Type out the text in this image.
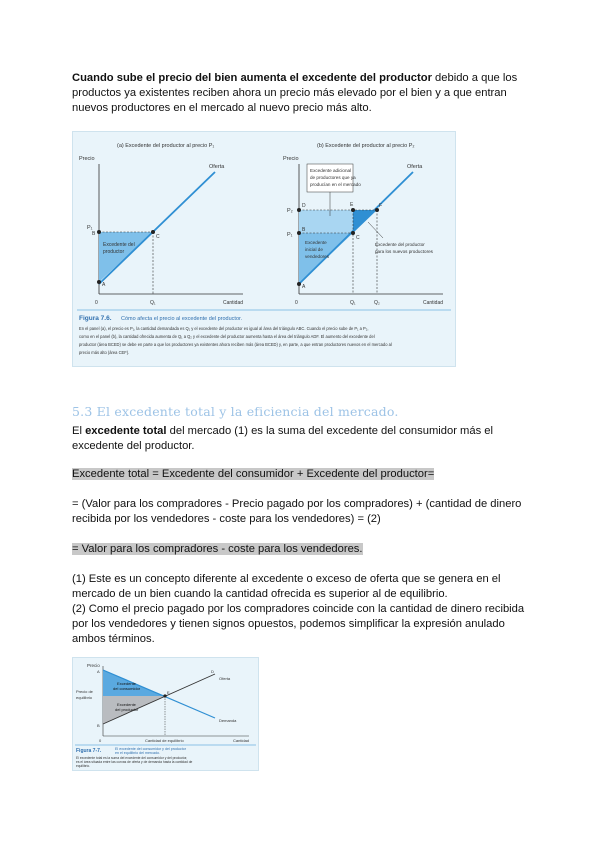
Cuando sube el precio del bien aumenta el excedente del productor debido a que los productos ya existentes reciben ahora un precio más elevado por el bien y a que entran nuevos productores en el mercado al nuevo precio más alto.

(a) Excedente del productor al precio P₁
Precio
Oferta
P₁
B	C
A
Excedente del
productor
0	Q₁	Cantidad
(b) Excedente del productor al precio P₂
Precio
Excedente adicional
de productores que ya
producían en el mercado
Oferta
P₂
P₁
D	E	F
B
C
A
Excedente
inicial de
vendedores
Excedente del productor
para los nuevos productores
0	Q₁	Q₂	Cantidad
Figura 7.6. Cómo afecta el precio al excedente del productor.
En el panel (a), el precio es P₁, la cantidad demandada es Q₁ y el excedente del productor es igual al área del triángulo ABC. Cuando el precio sube de P₁ a P₂,
como en el panel (b), la cantidad ofrecida aumenta de Q₁ a Q₂ y el excedente del productor aumenta hasta el área del triángulo ADF. El aumento del excedente del
productor (área BCED) se debe en parte a que los productores ya existentes ahora reciben más (área BCED) y, en parte, a que entran productores nuevos en el mercado al
precio más alto (área CEF).
5.3 El excedente total y la eficiencia del mercado.

El excedente total del mercado (1) es la suma del excedente del consumidor más el excedente del productor.

Excedente total = Excedente del consumidor + Excedente del productor=

= (Valor para los compradores - Precio pagado por los compradores) + (cantidad de dinero recibida por los vendedores - coste para los vendedores) = (2)

= Valor para los compradores - coste para los vendedores.

(1) Este es un concepto diferente al excedente o exceso de oferta que se genera en el mercado de un bien cuando la cantidad ofrecida es superior al de equilibrio.

(2) Como el precio pagado por los compradores coincide con la cantidad de dinero recibida por los vendedores y tienen signos opuestos, podemos simplificar la expresión anulado ambos términos.

Precio
Precio de
equilibrio
Excedente
del consumidor
Excedente
del productor
Oferta
Demanda
A	D
E
B
0	Cantidad de equilibrio	Cantidad
Figura 7-7.	El excedente del consumidor y del productor
en el equilibrio del mercado.
El excedente total es la suma del excedente del consumidor y del productor,
es el área situada entre las curvas de oferta y de demanda hasta la cantidad de
equilibrio.
